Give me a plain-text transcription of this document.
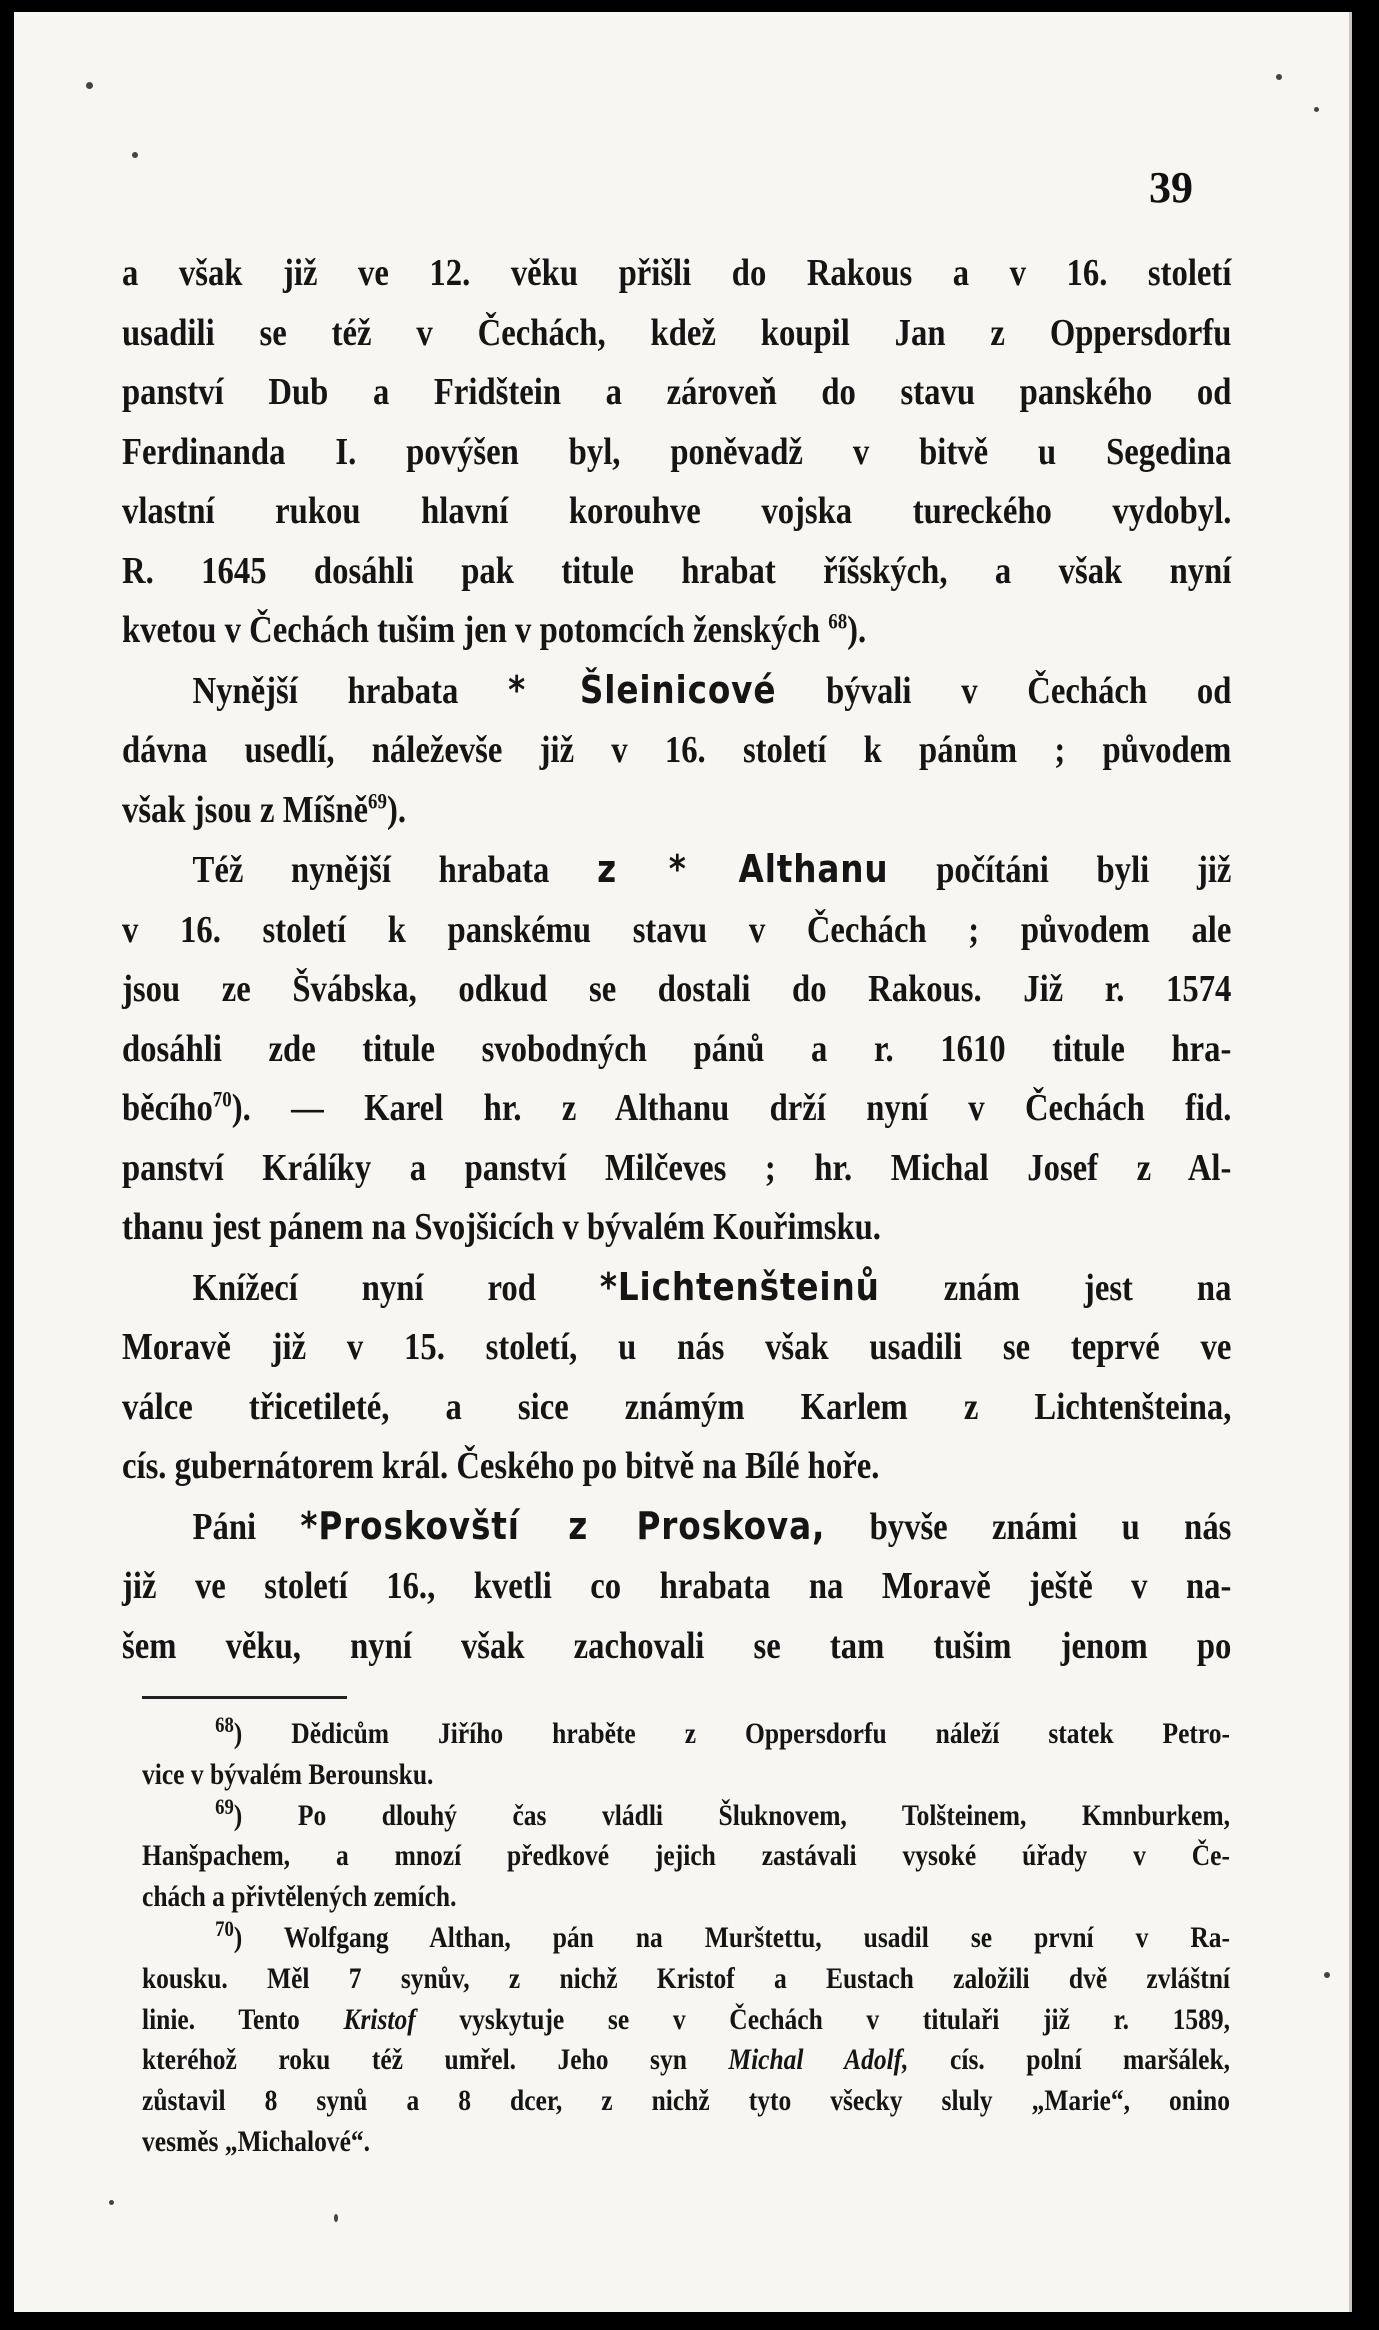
39
a však již ve 12. věku přišli do Rakous a v 16. století
usadili se též v Čechách, kdež koupil Jan z Oppersdorfu
panství Dub a Fridštein a zároveň do stavu panského od
Ferdinanda I. povýšen byl, poněvadž v bitvě u Segedina
vlastní rukou hlavní korouhve vojska tureckého vydobyl.
R. 1645 dosáhli pak titule hrabat říšských, a však nyní
kvetou v Čechách tušim jen v potomcích ženských $^{68}$).
Nynější hrabata * Šleinicové bývali v Čechách od
dávna usedlí, náleževše již v 16. století k pánům ; původem
však jsou z Míšně$^{69}$).
Též nynější hrabata z * Althanu počítáni byli již
v 16. století k panskému stavu v Čechách ; původem ale
jsou ze Švábska, odkud se dostali do Rakous. Již r. 1574
dosáhli zde titule svobodných pánů a r. 1610 titule hra-
běcího$^{70}$). — Karel hr. z Althanu drží nyní v Čechách fid.
panství Králíky a panství Milčeves ; hr. Michal Josef z Al-
thanu jest pánem na Svojšicích v bývalém Kouřimsku.
Knížecí nyní rod *Lichtenšteinů znám jest na
Moravě již v 15. století, u nás však usadili se teprvé ve
válce třicetileté, a sice známým Karlem z Lichtenšteina,
cís. gubernátorem král. Českého po bitvě na Bílé hoře.
Páni *Proskovští z Proskova, byvše známi u nás
již ve století 16., kvetli co hrabata na Moravě ještě v na-
šem věku, nyní však zachovali se tam tušim jenom po
$^{68}$) Dědicům Jiřího hraběte z Oppersdorfu náleží statek Petro-
vice v bývalém Berounsku.
$^{69}$) Po dlouhý čas vládli Šluknovem, Tolšteinem, Kmnburkem,
Hanšpachem, a mnozí předkové jejich zastávali vysoké úřady v Če-
chách a přivtělených zemích.
$^{70}$) Wolfgang Althan, pán na Murštettu, usadil se první v Ra-
kousku. Měl 7 synův, z nichž Kristof a Eustach založili dvě zvláštní
linie. Tento Kristof vyskytuje se v Čechách v titulaři již r. 1589,
kteréhož roku též umřel. Jeho syn Michal Adolf, cís. polní maršálek,
zůstavil 8 synů a 8 dcer, z nichž tyto všecky sluly „Marie“, onino
vesměs „Michalové“.
